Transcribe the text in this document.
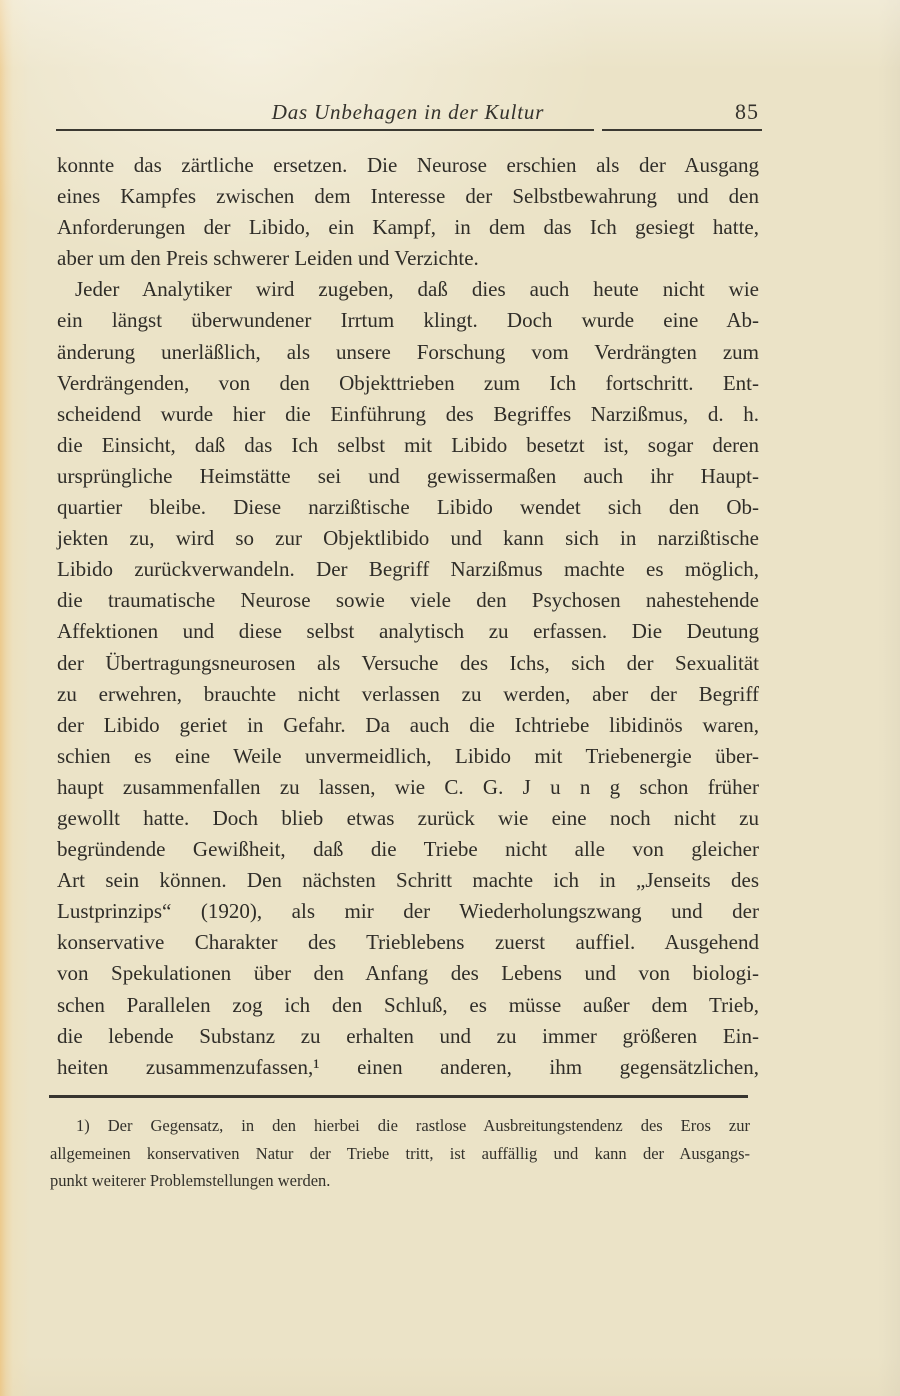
Das Unbehagen in der Kultur	85
konnte das zärtliche ersetzen. Die Neurose erschien als der Ausgang
eines Kampfes zwischen dem Interesse der Selbstbewahrung und den
Anforderungen der Libido, ein Kampf, in dem das Ich gesiegt hatte,
aber um den Preis schwerer Leiden und Verzichte.
Jeder Analytiker wird zugeben, daß dies auch heute nicht wie
ein längst überwundener Irrtum klingt. Doch wurde eine Ab-
änderung unerläßlich, als unsere Forschung vom Verdrängten zum
Verdrängenden, von den Objekttrieben zum Ich fortschritt. Ent-
scheidend wurde hier die Einführung des Begriffes Narzißmus, d. h.
die Einsicht, daß das Ich selbst mit Libido besetzt ist, sogar deren
ursprüngliche Heimstätte sei und gewissermaßen auch ihr Haupt-
quartier bleibe. Diese narzißtische Libido wendet sich den Ob-
jekten zu, wird so zur Objektlibido und kann sich in narzißtische
Libido zurückverwandeln. Der Begriff Narzißmus machte es möglich,
die traumatische Neurose sowie viele den Psychosen nahestehende
Affektionen und diese selbst analytisch zu erfassen. Die Deutung
der Übertragungsneurosen als Versuche des Ichs, sich der Sexualität
zu erwehren, brauchte nicht verlassen zu werden, aber der Begriff
der Libido geriet in Gefahr. Da auch die Ichtriebe libidinös waren,
schien es eine Weile unvermeidlich, Libido mit Triebenergie über-
haupt zusammenfallen zu lassen, wie C. G. J u n g schon früher
gewollt hatte. Doch blieb etwas zurück wie eine noch nicht zu
begründende Gewißheit, daß die Triebe nicht alle von gleicher
Art sein können. Den nächsten Schritt machte ich in „Jenseits des
Lustprinzips“ (1920), als mir der Wiederholungszwang und der
konservative Charakter des Trieblebens zuerst auffiel. Ausgehend
von Spekulationen über den Anfang des Lebens und von biologi-
schen Parallelen zog ich den Schluß, es müsse außer dem Trieb,
die lebende Substanz zu erhalten und zu immer größeren Ein-
heiten zusammenzufassen,¹ einen anderen, ihm gegensätzlichen,
1) Der Gegensatz, in den hierbei die rastlose Ausbreitungstendenz des Eros zur
allgemeinen konservativen Natur der Triebe tritt, ist auffällig und kann der Ausgangs-
punkt weiterer Problemstellungen werden.
